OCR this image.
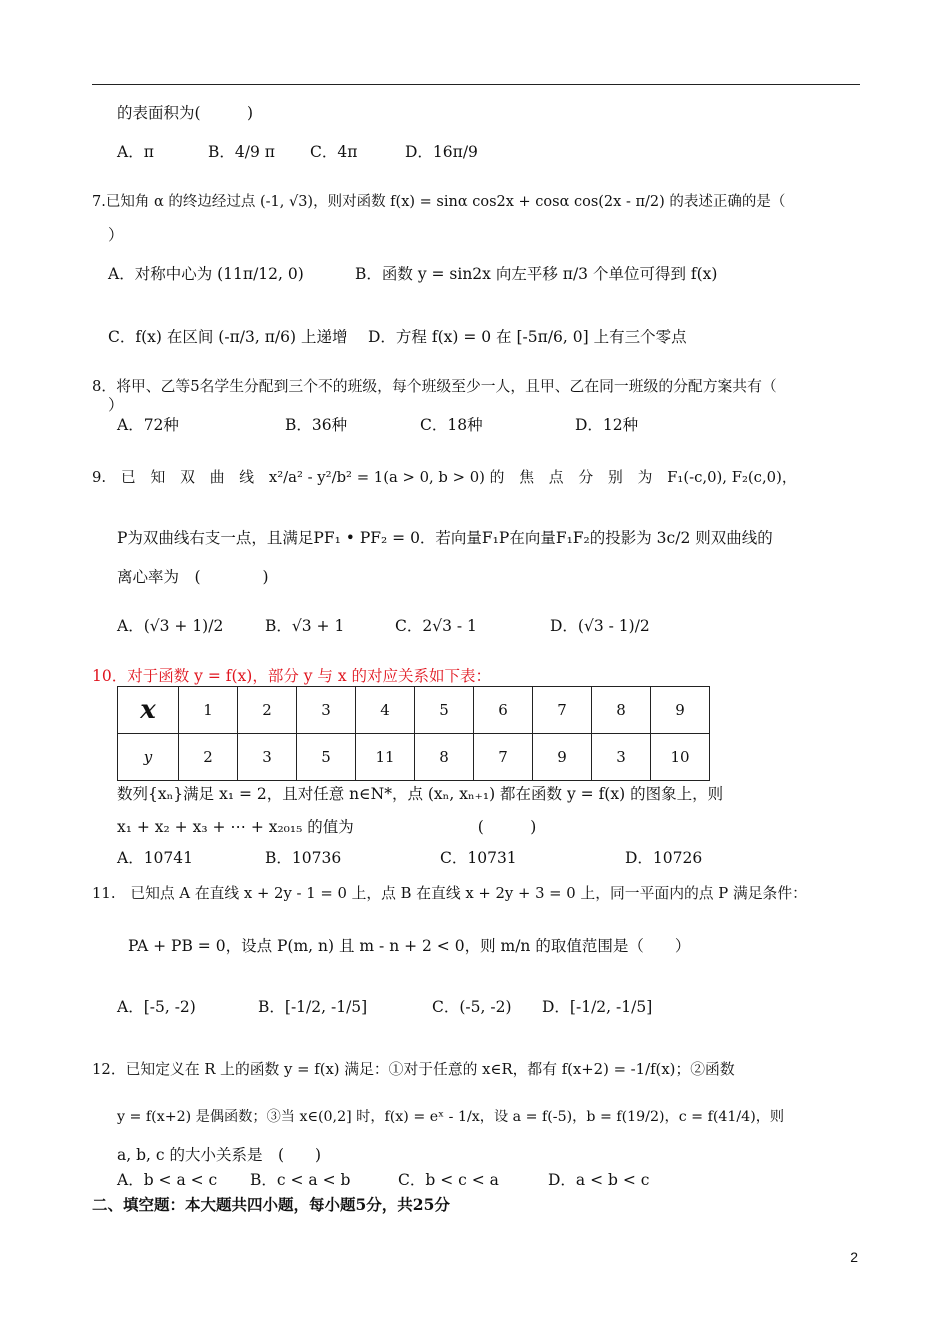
的表面积为(　　　)
A．π	B．4/9 π C．4π	D．16π/9
7.已知角 α 的终边经过点 (-1, √3)，则对函数 f(x) = sinα cos2x + cosα cos(2x - π/2) 的表述正确的是（
）
A．对称中心为 (11π/12, 0)	B．函数 y = sin2x 向左平移 π/3 个单位可得到 f(x)
C．f(x) 在区间 (-π/3, π/6) 上递增 D．方程 f(x) = 0 在 [-5π/6, 0] 上有三个零点
8．将甲、乙等5名学生分配到三个不的班级，每个班级至少一人，且甲、乙在同一班级的分配方案共有（
）
A．72种	B．36种	C．18种	D．12种
9.　已　知　双　曲　线　x²/a² - y²/b² = 1(a > 0, b > 0) 的　焦　点　分　别　为　F₁(-c,0), F₂(c,0)，
P为双曲线右支一点，且满足PF₁ • PF₂ = 0．若向量F₁P在向量F₁F₂的投影为 3c/2 则双曲线的
离心率为　(　　　　)
A．(√3 + 1)/2	B．√3 + 1	C．2√3 - 1	D．(√3 - 1)/2
10．对于函数 y = f(x)，部分 y 与 x 的对应关系如下表：
x	1	2	3	4	5	6	7	8	9
y	2	3	5	11	8	7	9	3	10
数列{xₙ}满足 x₁ = 2，且对任意 n∈N*，点 (xₙ, xₙ₊₁) 都在函数 y = f(x) 的图象上，则
x₁ + x₂ + x₃ + ⋯ + x₂₀₁₅ 的值为　　　　　　　　(　　　)
A．10741	B．10736	C．10731	D．10726
11.　已知点 A 在直线 x + 2y - 1 = 0 上，点 B 在直线 x + 2y + 3 = 0 上，同一平面内的点 P 满足条件：
PA + PB = 0，设点 P(m, n) 且 m - n + 2 < 0，则 m/n 的取值范围是（　　）
A．[-5, -2)	B．[-1/2, -1/5]	C．(-5, -2) D．[-1/2, -1/5]
12．已知定义在 R 上的函数 y = f(x) 满足：①对于任意的 x∈R，都有 f(x+2) = -1/f(x)；②函数
y = f(x+2) 是偶函数；③当 x∈(0,2] 时，f(x) = eˣ - 1/x，设 a = f(-5)，b = f(19/2)，c = f(41/4)，则
a, b, c 的大小关系是　(　　)
A．b < a < c B．c < a < b	C．b < c < a	D．a < b < c
二、填空题：本大题共四小题，每小题5分，共25分
2
